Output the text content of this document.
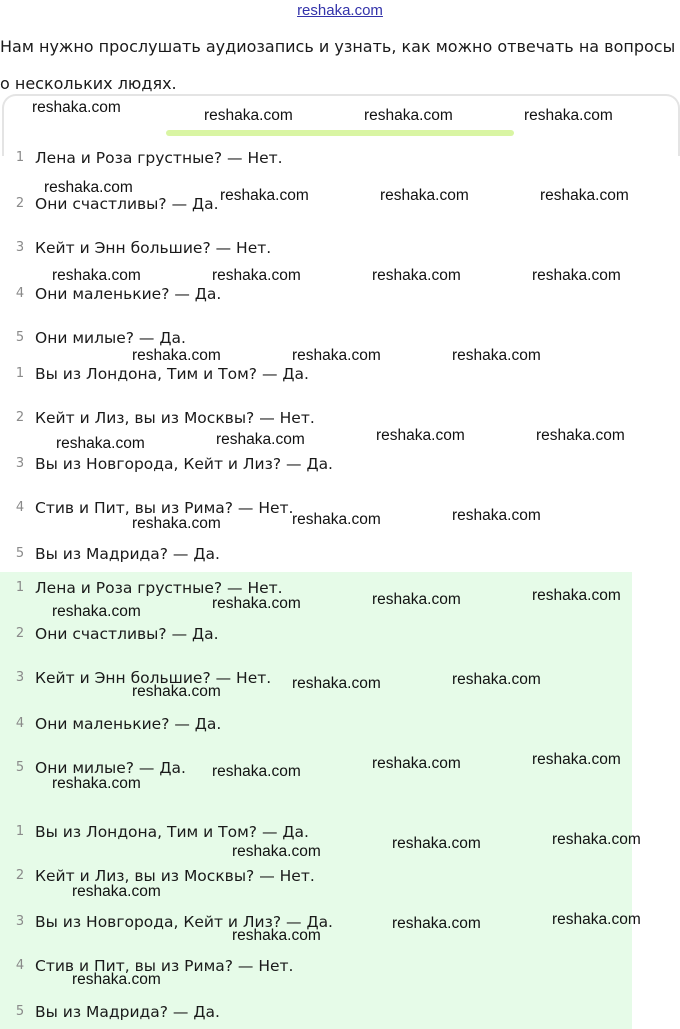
reshaka.com
Нам нужно прослушать аудиозапись и узнать, как можно отвечать на вопросы о нескольких людях.
1 Лена и Роза грустные? — Нет.
2 Они счастливы? — Да.
3 Кейт и Энн большие? — Нет.
4 Они маленькие? — Да.
5 Они милые? — Да.
1 Вы из Лондона, Тим и Том? — Да.
2 Кейт и Лиз, вы из Москвы? — Нет.
3 Вы из Новгорода, Кейт и Лиз? — Да.
4 Стив и Пит, вы из Рима? — Нет.
5 Вы из Мадрида? — Да.
1 Лена и Роза грустные? — Нет.
2 Они счастливы? — Да.
3 Кейт и Энн большие? — Нет.
4 Они маленькие? — Да.
5 Они милые? — Да.
1 Вы из Лондона, Тим и Том? — Да.
2 Кейт и Лиз, вы из Москвы? — Нет.
3 Вы из Новгорода, Кейт и Лиз? — Да.
4 Стив и Пит, вы из Рима? — Нет.
5 Вы из Мадрида? — Да.
reshaka.com	reshaka.com	reshaka.com	reshaka.com
reshaka.com	reshaka.com	reshaka.com	reshaka.com
reshaka.com	reshaka.com	reshaka.com	reshaka.com
reshaka.com	reshaka.com	reshaka.com
reshaka.com	reshaka.com	reshaka.com	reshaka.com
reshaka.com	reshaka.com	reshaka.com
reshaka.com	reshaka.com	reshaka.com	reshaka.com
reshaka.com	reshaka.com	reshaka.com
reshaka.com
reshaka.com	reshaka.com	reshaka.com
reshaka.com	reshaka.com	reshaka.com
reshaka.com
reshaka.com
reshaka.com	reshaka.com
reshaka.com
